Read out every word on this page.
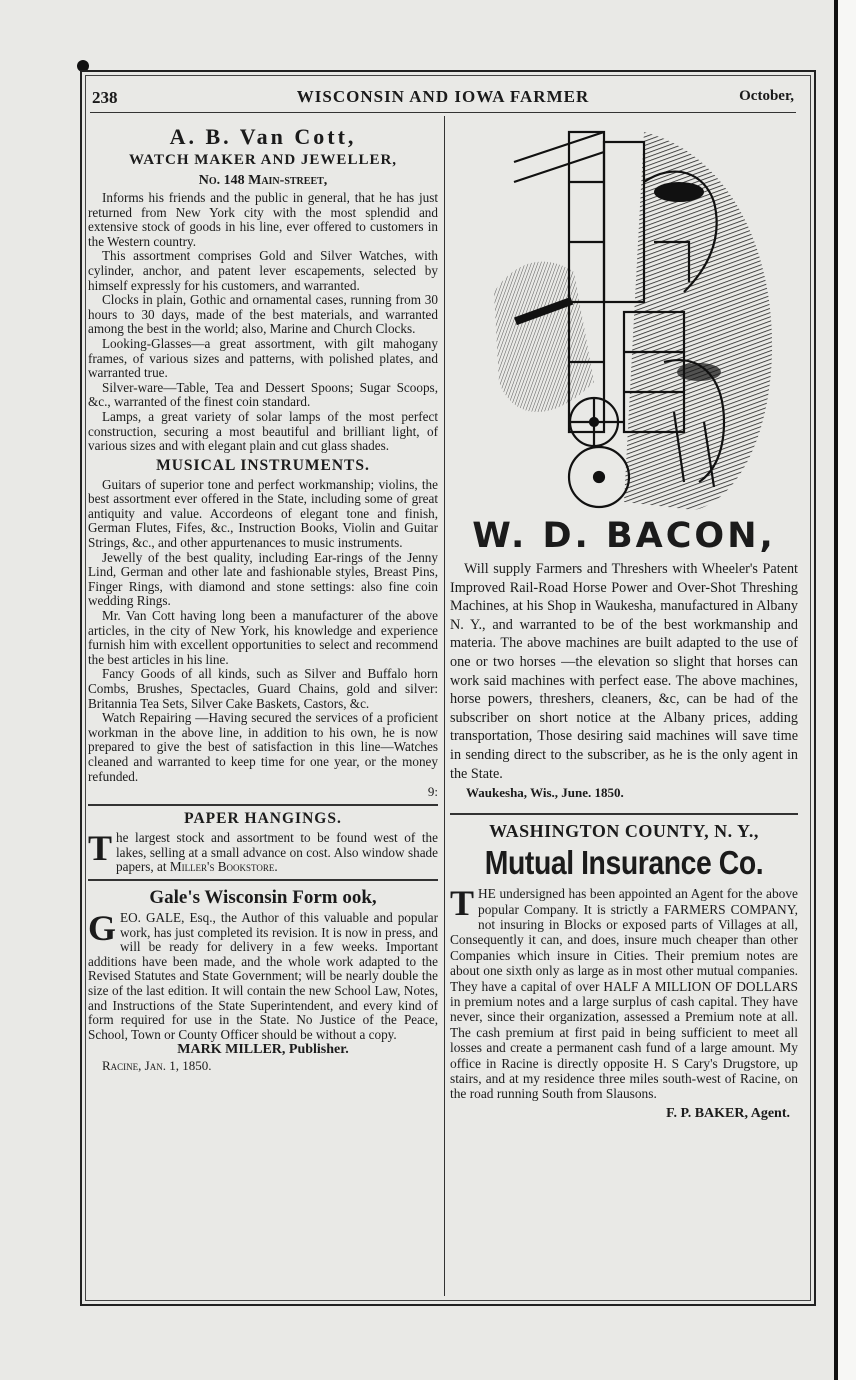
238	WISCONSIN AND IOWA FARMER	October,
A. B. Van Cott,
WATCH MAKER AND JEWELLER,
No. 148 Main-street,

Informs his friends and the public in general, that he has just returned from New York city with the most splendid and extensive stock of goods in his line, ever offered to customers in the Western country.

This assortment comprises Gold and Silver Watches, with cylinder, anchor, and patent lever escapements, selected by himself expressly for his customers, and warranted.

Clocks in plain, Gothic and ornamental cases, running from 30 hours to 30 days, made of the best materials, and warranted among the best in the world; also, Marine and Church Clocks.

Looking-Glasses—a great assortment, with gilt mahogany frames, of various sizes and patterns, with polished plates, and warranted true.

Silver-ware—Table, Tea and Dessert Spoons; Sugar Scoops, &c., warranted of the finest coin standard.

Lamps, a great variety of solar lamps of the most perfect construction, securing a most beautiful and brilliant light, of various sizes and with elegant plain and cut glass shades.

MUSICAL INSTRUMENTS.

Guitars of superior tone and perfect workmanship; violins, the best assortment ever offered in the State, including some of great antiquity and value. Accordeons of elegant tone and finish, German Flutes, Fifes, &c., Instruction Books, Violin and Guitar Strings, &c., and other appurtenances to music instruments.

Jewelly of the best quality, including Ear-rings of the Jenny Lind, German and other late and fashionable styles, Breast Pins, Finger Rings, with diamond and stone settings: also fine coin wedding Rings.

Mr. Van Cott having long been a manufacturer of the above articles, in the city of New York, his knowledge and experience furnish him with excellent opportunities to select and recommend the best articles in his line.

Fancy Goods of all kinds, such as Silver and Buffalo horn Combs, Brushes, Spectacles, Guard Chains, gold and silver: Britannia Tea Sets, Silver Cake Baskets, Castors, &c.

Watch Repairing —Having secured the services of a proficient workman in the above line, in addition to his own, he is now prepared to give the best of satisfaction in this line—Watches cleaned and warranted to keep time for one year, or the money refunded.

9:
PAPER HANGINGS.

The largest stock and assortment to be found west of the lakes, selling at a small advance on cost. Also window shade papers, at Miller's Bookstore.

Gale's Wisconsin Form ook,

GEO. GALE, Esq., the Author of this valuable and popular work, has just completed its revision. It is now in press, and will be ready for delivery in a few weeks. Important additions have been made, and the whole work adapted to the Revised Statutes and State Government; will be nearly double the size of the last edition. It will contain the new School Law, Notes, and Instructions of the State Superintendent, and every kind of form required for use in the State. No Justice of the Peace, School, Town or County Officer should be without a copy.

MARK MILLER, Publisher.
Racine, Jan. 1, 1850.
W. D. BACON,

Will supply Farmers and Threshers with Wheeler's Patent Improved Rail-Road Horse Power and Over-Shot Threshing Machines, at his Shop in Waukesha, manufactured in Albany N. Y., and warranted to be of the best workmanship and materia. The above machines are built adapted to the use of one or two horses —the elevation so slight that horses can work said machines with perfect ease. The above machines, horse powers, threshers, cleaners, &c, can be had of the subscriber on short notice at the Albany prices, adding transportation, Those desiring said machines will save time in sending direct to the subscriber, as he is the only agent in the State.

Waukesha, Wis., June. 1850.
WASHINGTON COUNTY, N. Y.,
Mutual Insurance Co.

THE undersigned has been appointed an Agent for the above popular Company. It is strictly a FARMERS COMPANY, not insuring in Blocks or exposed parts of Villages at all, Consequently it can, and does, insure much cheaper than other Companies which insure in Cities. Their premium notes are about one sixth only as large as in most other mutual companies. They have a capital of over HALF A MILLION OF DOLLARS in premium notes and a large surplus of cash capital. They have never, since their organization, assessed a Premium note at all. The cash premium at first paid in being sufficient to meet all losses and create a permanent cash fund of a large amount. My office in Racine is directly opposite H. S Cary's Drugstore, up stairs, and at my residence three miles south-west of Racine, on the road running South from Slausons.

F. P. BAKER, Agent.
